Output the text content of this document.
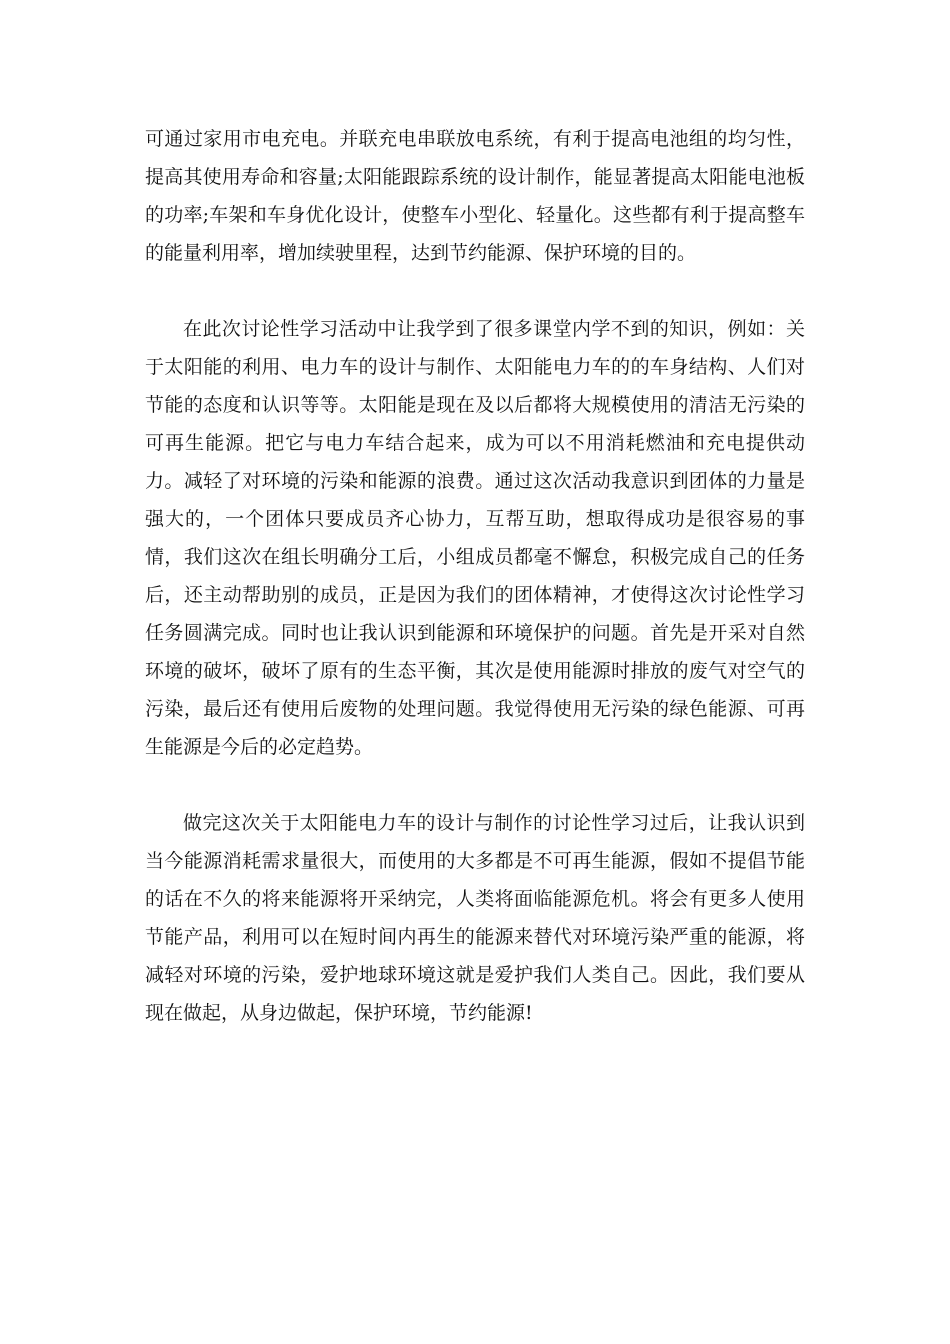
可通过家用市电充电。并联充电串联放电系统，有利于提高电池组的均匀性，提高其使用寿命和容量;太阳能跟踪系统的设计制作，能显著提高太阳能电池板的功率;车架和车身优化设计，使整车小型化、轻量化。这些都有利于提高整车的能量利用率，增加续驶里程，达到节约能源、保护环境的目的。

在此次讨论性学习活动中让我学到了很多课堂内学不到的知识，例如：关于太阳能的利用、电力车的设计与制作、太阳能电力车的的车身结构、人们对节能的态度和认识等等。太阳能是现在及以后都将大规模使用的清洁无污染的可再生能源。把它与电力车结合起来，成为可以不用消耗燃油和充电提供动力。减轻了对环境的污染和能源的浪费。通过这次活动我意识到团体的力量是强大的，一个团体只要成员齐心协力，互帮互助，想取得成功是很容易的事情，我们这次在组长明确分工后，小组成员都毫不懈怠，积极完成自己的任务后，还主动帮助别的成员，正是因为我们的团体精神，才使得这次讨论性学习任务圆满完成。同时也让我认识到能源和环境保护的问题。首先是开采对自然环境的破坏，破坏了原有的生态平衡，其次是使用能源时排放的废气对空气的污染，最后还有使用后废物的处理问题。我觉得使用无污染的绿色能源、可再生能源是今后的必定趋势。

做完这次关于太阳能电力车的设计与制作的讨论性学习过后，让我认识到当今能源消耗需求量很大，而使用的大多都是不可再生能源，假如不提倡节能的话在不久的将来能源将开采纳完，人类将面临能源危机。将会有更多人使用节能产品，利用可以在短时间内再生的能源来替代对环境污染严重的能源，将减轻对环境的污染，爱护地球环境这就是爱护我们人类自己。因此，我们要从现在做起，从身边做起，保护环境，节约能源!
